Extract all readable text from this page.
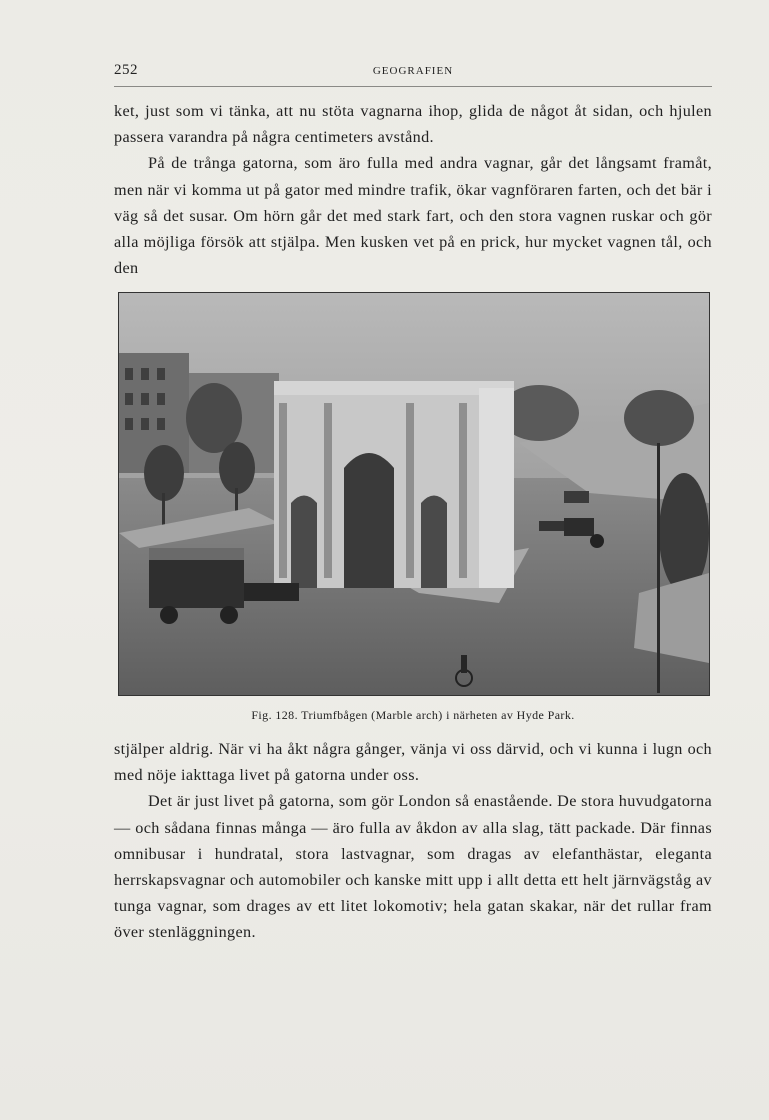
252	GEOGRAFIEN

ket, just som vi tänka, att nu stöta vagnarna ihop, glida de något åt sidan, och hjulen passera varandra på några centimeters avstånd.

På de trånga gatorna, som äro fulla med andra vagnar, går det långsamt framåt, men när vi komma ut på gator med mindre trafik, ökar vagnföraren farten, och det bär i väg så det susar. Om hörn går det med stark fart, och den stora vagnen ruskar och gör alla möjliga försök att stjälpa. Men kusken vet på en prick, hur mycket vagnen tål, och den

Fig. 128. Triumfbågen (Marble arch) i närheten av Hyde Park.

stjälper aldrig. När vi ha åkt några gånger, vänja vi oss därvid, och vi kunna i lugn och med nöje iakttaga livet på gatorna under oss.

Det är just livet på gatorna, som gör London så enastående. De stora huvudgatorna — och sådana finnas många — äro fulla av åkdon av alla slag, tätt packade. Där finnas omnibusar i hundratal, stora lastvagnar, som dragas av elefanthästar, eleganta herrskapsvagnar och automobiler och kanske mitt upp i allt detta ett helt järnvägståg av tunga vagnar, som drages av ett litet lokomotiv; hela gatan skakar, när det rullar fram över stenläggningen.
